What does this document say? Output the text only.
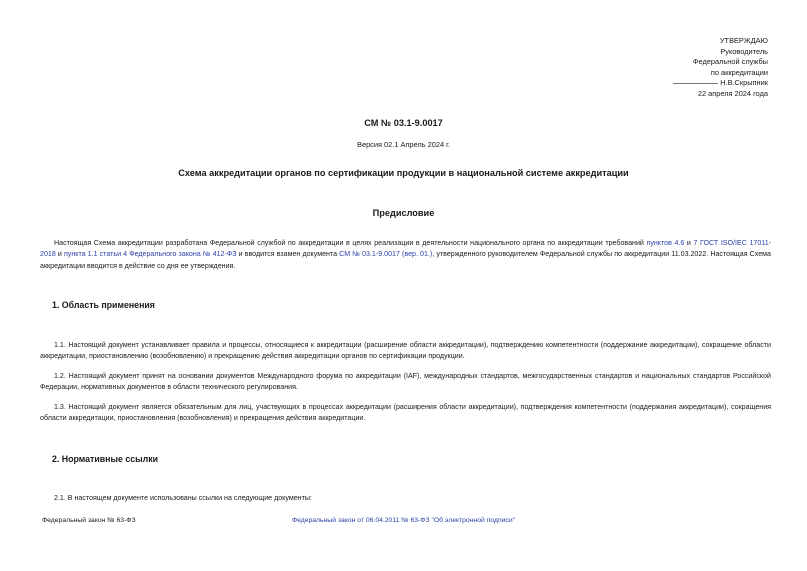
УТВЕРЖДАЮ
Руководитель
Федеральной службы
по аккредитации
Н.В.Скрыпник
22 апреля 2024 года
СМ № 03.1-9.0017
Версия 02.1 Апрель 2024 г.
Схема аккредитации органов по сертификации продукции в национальной системе аккредитации
Предисловие
Настоящая Схема аккредитации разработана Федеральной службой по аккредитации в целях реализации в деятельности национального органа по аккредитации требований пунктов 4.6 и 7 ГОСТ ISO/IEC 17011-2018 и пункта 1.1 статьи 4 Федерального закона № 412-ФЗ и вводится взамен документа СМ № 03.1-9.0017 (вер. 01.), утвержденного руководителем Федеральной службы по аккредитации 11.03.2022. Настоящая Схема аккредитации вводится в действие со дня ее утверждения.
1. Область применения
1.1. Настоящий документ устанавливает правила и процессы, относящиеся к аккредитации (расширение области аккредитации), подтверждению компетентности (поддержание аккредитации), сокращение области аккредитации, приостановлению (возобновлению) и прекращению действия аккредитации органов по сертификации продукции.
1.2. Настоящий документ принят на основании документов Международного форума по аккредитации (IAF), международных стандартов, межгосударственных стандартов и национальных стандартов Российской Федерации, нормативных документов в области технического регулирования.
1.3. Настоящий документ является обязательным для лиц, участвующих в процессах аккредитации (расширения области аккредитации), подтверждения компетентности (поддержания аккредитации), сокращения области аккредитации, приостановления (возобновления) и прекращения действия аккредитации.
2. Нормативные ссылки
2.1. В настоящем документе использованы ссылки на следующие документы:
Федеральный закон № 63-ФЗ	Федеральный закон от 06.04.2011 № 63-ФЗ "Об электронной подписи"
